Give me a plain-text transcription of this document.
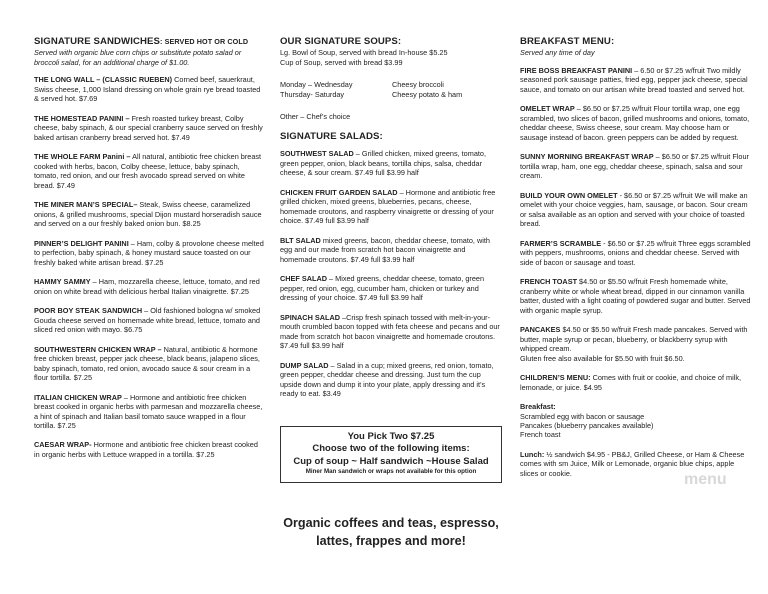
SIGNATURE SANDWICHES: SERVED HOT OR COLD
Served with organic blue corn chips or substitute potato salad or broccoli salad, for an additional charge of $1.00.
THE LONG WALL – (CLASSIC RUEBEN) Corned beef, sauerkraut, Swiss cheese, 1,000 Island dressing on whole grain rye bread toasted & served hot. $7.69
THE HOMESTEAD PANINI – Fresh roasted turkey breast, Colby cheese, baby spinach, & our special cranberry sauce served on freshly baked artisan cranberry bread served hot. $7.49
THE WHOLE FARM Panini – All natural, antibiotic free chicken breast cooked with herbs, bacon, Colby cheese, lettuce, baby spinach, tomato, red onion, and our fresh avocado spread served on white bread. $7.49
THE MINER MAN’S SPECIAL– Steak, Swiss cheese, caramelized onions, & grilled mushrooms, special Dijon mustard horseradish sauce and served on a our freshly baked onion bun. $8.25
PINNER’S DELIGHT PANINI – Ham, colby & provolone cheese melted to perfection, baby spinach, & honey mustard sauce toasted on our freshly baked white artisan bread. $7.25
HAMMY SAMMY – Ham, mozzarella cheese, lettuce, tomato, and red onion on white bread with delicious herbal Italian vinaigrette. $7.25
POOR BOY STEAK SANDWICH – Old fashioned bologna w/ smoked Gouda cheese served on homemade white bread, lettuce, tomato and sliced red onion with mayo. $6.75
SOUTHWESTERN CHICKEN WRAP – Natural, antibiotic & hormone free chicken breast, pepper jack cheese, black beans, jalapeno slices, baby spinach, tomato, red onion, avocado sauce & sour cream in a flour tortilla. $7.25
ITALIAN CHICKEN WRAP – Hormone and antibiotic free chicken breast cooked in organic herbs with parmesan and mozzarella cheese, a hint of spinach and Italian basil tomato sauce wrapped in a flour tortilla. $7.25
CAESAR WRAP- Hormone and antibiotic free chicken breast cooked in organic herbs with Lettuce wrapped in a tortilla. $7.25
OUR SIGNATURE SOUPS:
Lg. Bowl of Soup, served with bread In-house $5.25
Cup of Soup, served with bread $3.99
Monday – Wednesday	Cheesy broccoli
Thursday- Saturday	Cheesy potato & ham
Other – Chef’s choice
SIGNATURE SALADS:
SOUTHWEST SALAD – Grilled chicken, mixed greens, tomato, green pepper, onion, black beans, tortilla chips, salsa, cheddar cheese, & sour cream. $7.49 full $3.99 half
CHICKEN FRUIT GARDEN SALAD – Hormone and antibiotic free grilled chicken, mixed greens, blueberries, pecans, cheese, homemade croutons, and raspberry vinaigrette or dressing of your choice. $7.49 full $3.99 half
BLT SALAD mixed greens, bacon, cheddar cheese, tomato, with egg and our made from scratch hot bacon vinaigrette and homemade croutons. $7.49 full $3.99 half
CHEF SALAD – Mixed greens, cheddar cheese, tomato, green pepper, red onion, egg, cucumber ham, chicken or turkey and dressing of your choice. $7.49 full $3.99 half
SPINACH SALAD –Crisp fresh spinach tossed with melt-in-your-mouth crumbled bacon topped with feta cheese and pecans and our made from scratch hot bacon vinaigrette and homemade croutons. $7.49 full $3.99 half
DUMP SALAD – Salad in a cup; mixed greens, red onion, tomato, green pepper, cheddar cheese and dressing. Just turn the cup upside down and dump it into your plate, apply dressing and it’s ready to eat. $3.49
You Pick Two $7.25
Choose two of the following items:
Cup of soup ~ Half sandwich ~House Salad
Miner Man sandwich or wraps not available for this option
Organic coffees and teas, espresso,
lattes, frappes and more!
BREAKFAST MENU:
Served any time of day
FIRE BOSS BREAKFAST PANINI – 6.50 or $7.25 w/fruit Two mildly seasoned pork sausage patties, fried egg, pepper jack cheese, special sauce, and tomato on our artisan white bread toasted and served hot.
OMELET WRAP – $6.50 or $7.25 w/fruit Flour tortilla wrap, one egg scrambled, two slices of bacon, grilled mushrooms and onions, tomato, cheddar cheese, Swiss cheese, sour cream. May choose ham or sausage instead of bacon. green peppers can be added by request.
SUNNY MORNING BREAKFAST WRAP – $6.50 or $7.25 w/fruit Flour tortilla wrap, ham, one egg, cheddar cheese, spinach, salsa and sour cream.
BUILD YOUR OWN OMELET - $6.50 or $7.25 w/fruit We will make an omelet with your choice veggies, ham, sausage, or bacon. Sour cream or salsa available as an option and served with your choice of toasted bread.
FARMER’S SCRAMBLE - $6.50 or $7.25 w/fruit Three eggs scrambled with peppers, mushrooms, onions and cheddar cheese. Served with side of bacon or sausage and toast.
FRENCH TOAST $4.50 or $5.50 w/fruit Fresh homemade white, cranberry white or whole wheat bread, dipped in our cinnamon vanilla batter, dusted with a light coating of powdered sugar and butter. Served with organic maple syrup.
PANCAKES $4.50 or $5.50 w/fruit Fresh made pancakes. Served with butter, maple syrup or pecan, blueberry, or blackberry syrup with whipped cream.
Gluten free also available for $5.50 with fruit $6.50.
CHILDREN’S MENU: Comes with fruit or cookie, and choice of milk, lemonade, or juice. $4.95
Breakfast:
Scrambled egg with bacon or sausage
Pancakes (blueberry pancakes available)
French toast
Lunch: ½ sandwich $4.95 - PB&J, Grilled Cheese, or Ham & Cheese comes with sm Juice, Milk or Lemonade, organic blue chips, apple slices or cookie.	menu
